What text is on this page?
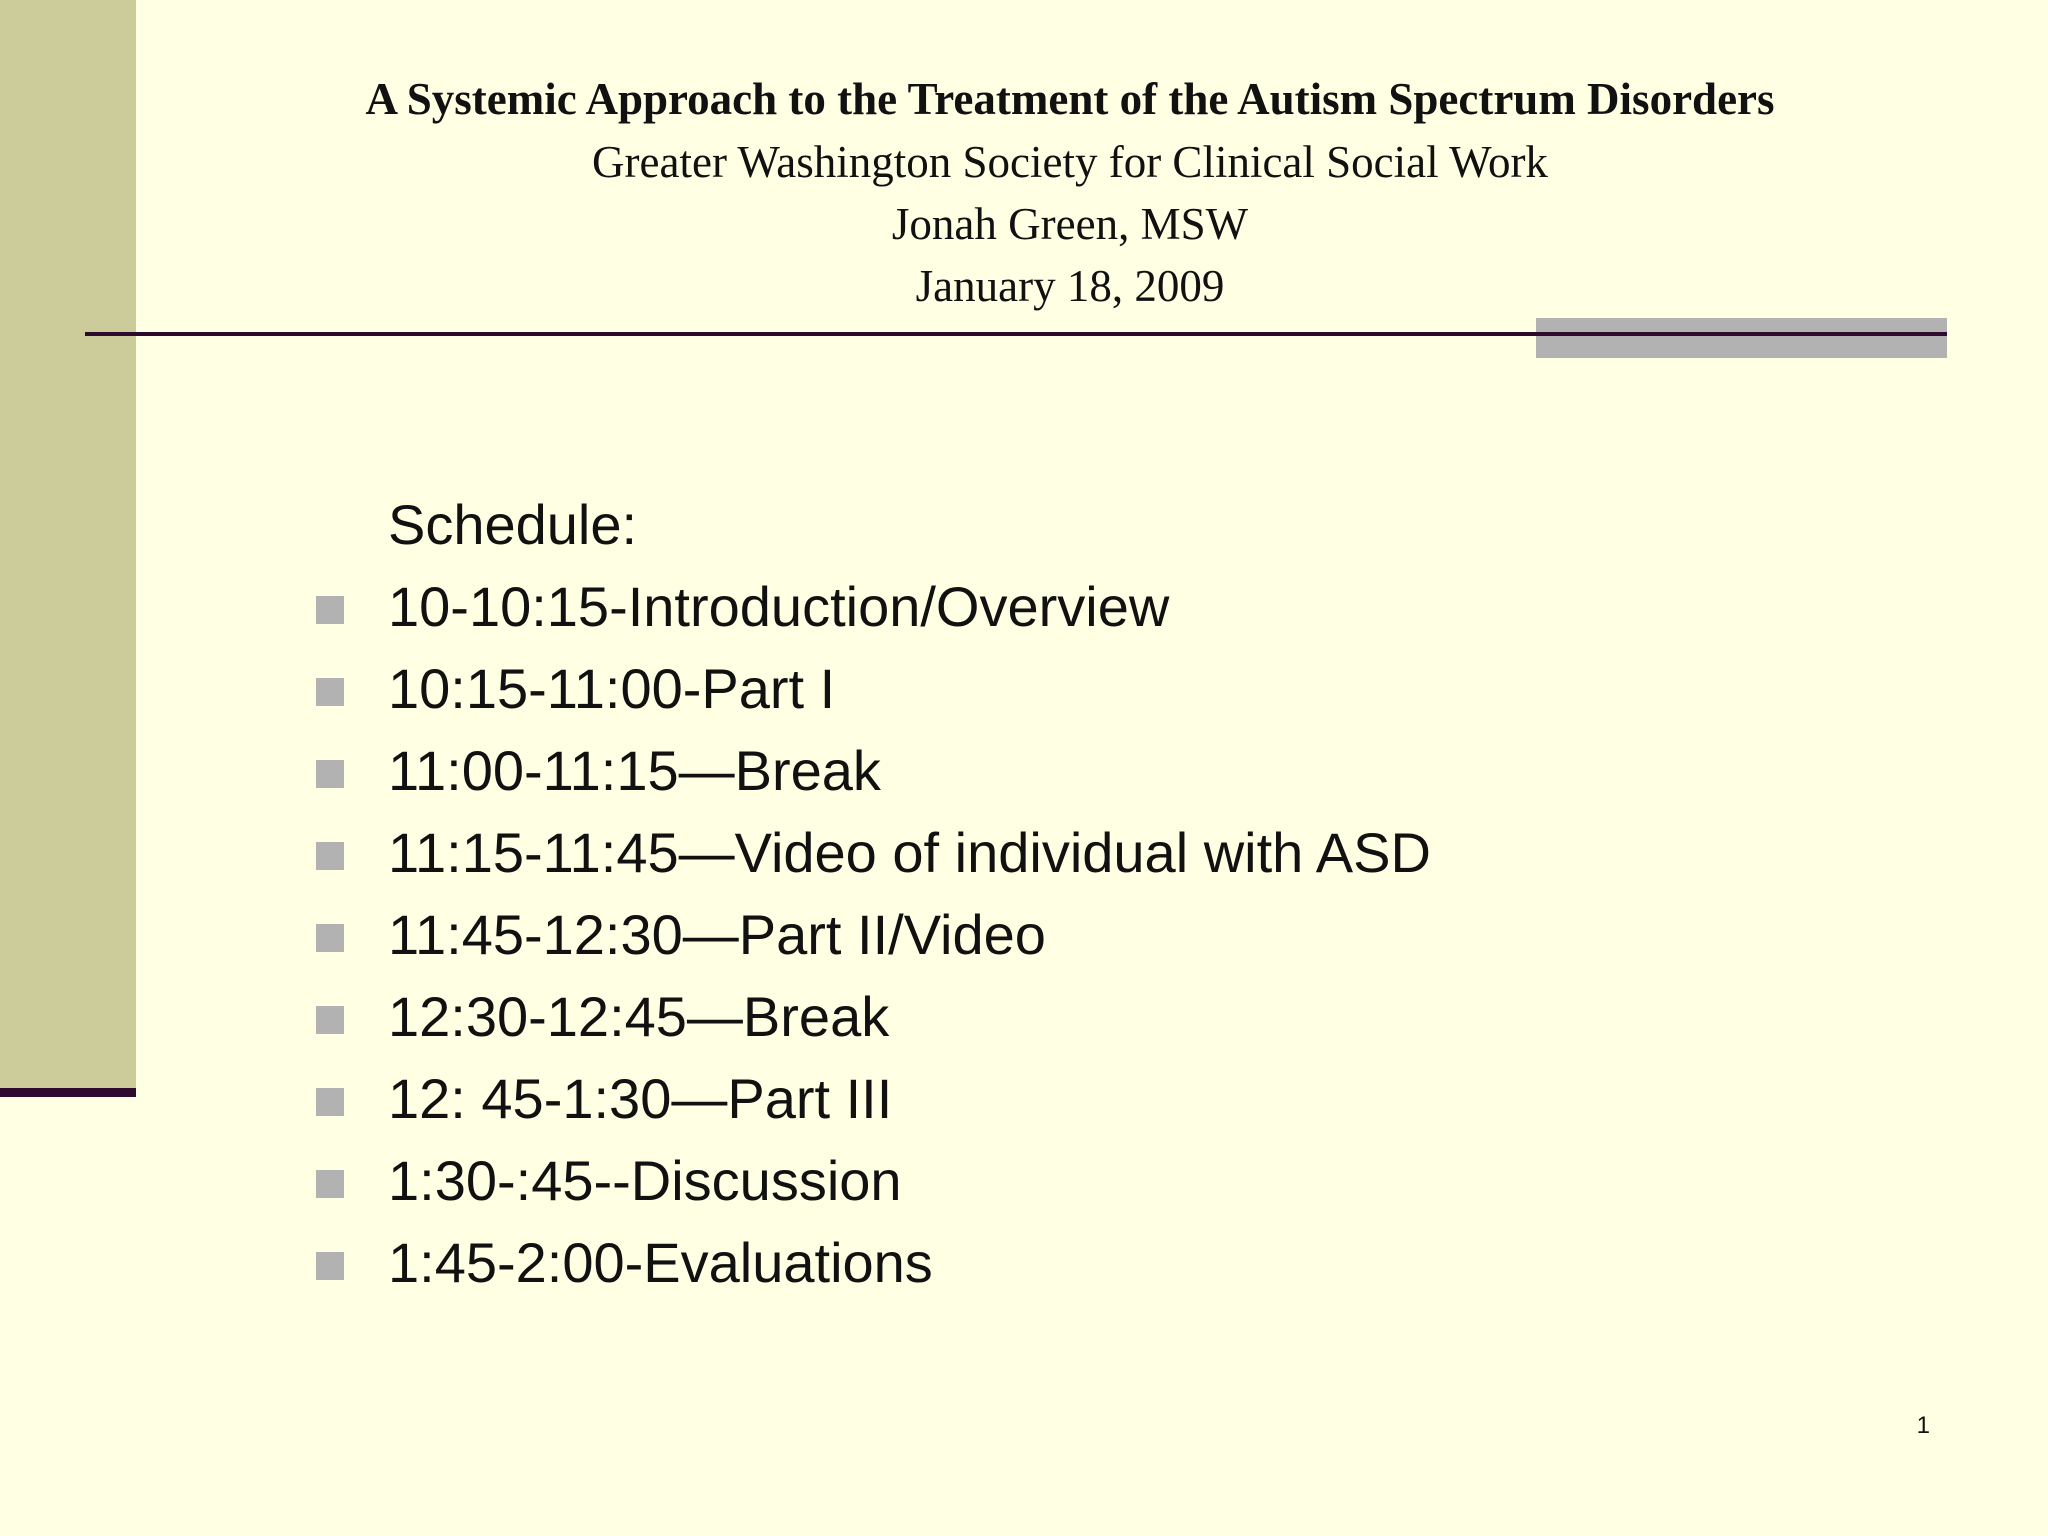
A Systemic Approach to the Treatment of the Autism Spectrum Disorders
Greater Washington Society for Clinical Social Work
Jonah Green, MSW
January 18, 2009
Schedule:
10-10:15-Introduction/Overview
10:15-11:00-Part I
11:00-11:15—Break
11:15-11:45—Video of individual with ASD
11:45-12:30—Part II/Video
12:30-12:45—Break
12: 45-1:30—Part III
1:30-:45--Discussion
1:45-2:00-Evaluations
1
